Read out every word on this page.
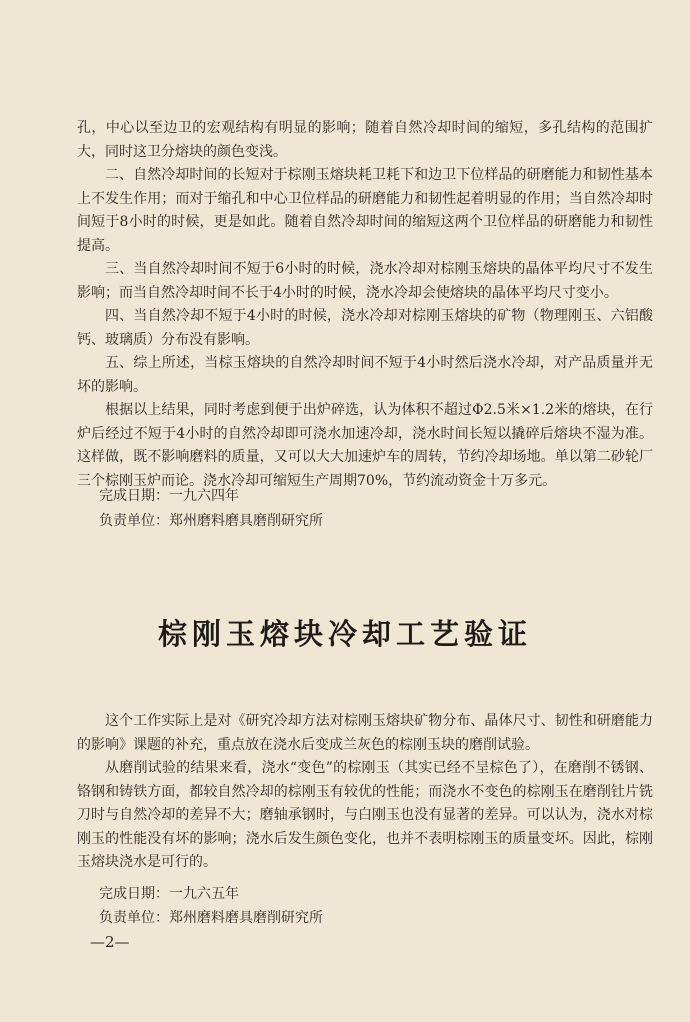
孔，中心以至边卫的宏观结构有明显的影响；随着自然冷却时间的缩短，多孔结构的范围扩大，同时这卫分熔块的颜色变浅。

二、自然冷却时间的长短对于棕刚玉熔块耗卫耗下和边卫下位样品的研磨能力和韧性基本上不发生作用；而对于缩孔和中心卫位样品的研磨能力和韧性起着明显的作用；当自然冷却时间短于8小时的时候，更是如此。随着自然冷却时间的缩短这两个卫位样品的研磨能力和韧性提高。

三、当自然冷却时间不短于6小时的时候，浇水冷却对棕刚玉熔块的晶体平均尺寸不发生影响；而当自然冷却时间不长于4小时的时候，浇水冷却会使熔块的晶体平均尺寸变小。

四、当自然冷却不短于4小时的时候，浇水冷却对棕刚玉熔块的矿物（物理刚玉、六铝酸钙、玻璃质）分布没有影响。

五、综上所述，当棕玉熔块的自然冷却时间不短于4小时然后浇水冷却，对产品质量并无坏的影响。

根据以上结果，同时考虑到便于出炉碎选，认为体积不超过Φ2.5米×1.2米的熔块，在行炉后经过不短于4小时的自然冷却即可浇水加速冷却，浇水时间长短以撬碎后熔块不湿为准。这样做，既不影响磨料的质量，又可以大大加速炉车的周转，节约冷却场地。单以第二砂轮厂三个棕刚玉炉而论。浇水冷却可缩短生产周期70%，节约流动资金十万多元。

完成日期：一九六四年

负责单位：郑州磨料磨具磨削研究所

棕刚玉熔块冷却工艺验证

这个工作实际上是对《研究冷却方法对棕刚玉熔块矿物分布、晶体尺寸、韧性和研磨能力的影响》课题的补充，重点放在浇水后变成兰灰色的棕刚玉块的磨削试验。

从磨削试验的结果来看，浇水“变色”的棕刚玉（其实已经不呈棕色了），在磨削不锈钢、铬钢和铸铁方面，都较自然冷却的棕刚玉有较优的性能；而浇水不变色的棕刚玉在磨削钍片铣刀时与自然冷却的差异不大；磨轴承钢时，与白刚玉也没有显著的差异。可以认为，浇水对棕刚玉的性能没有坏的影响；浇水后发生颜色变化，也并不表明棕刚玉的质量变坏。因此，棕刚玉熔块浇水是可行的。

完成日期：一九六五年

负责单位：郑州磨料磨具磨削研究所

—2—
